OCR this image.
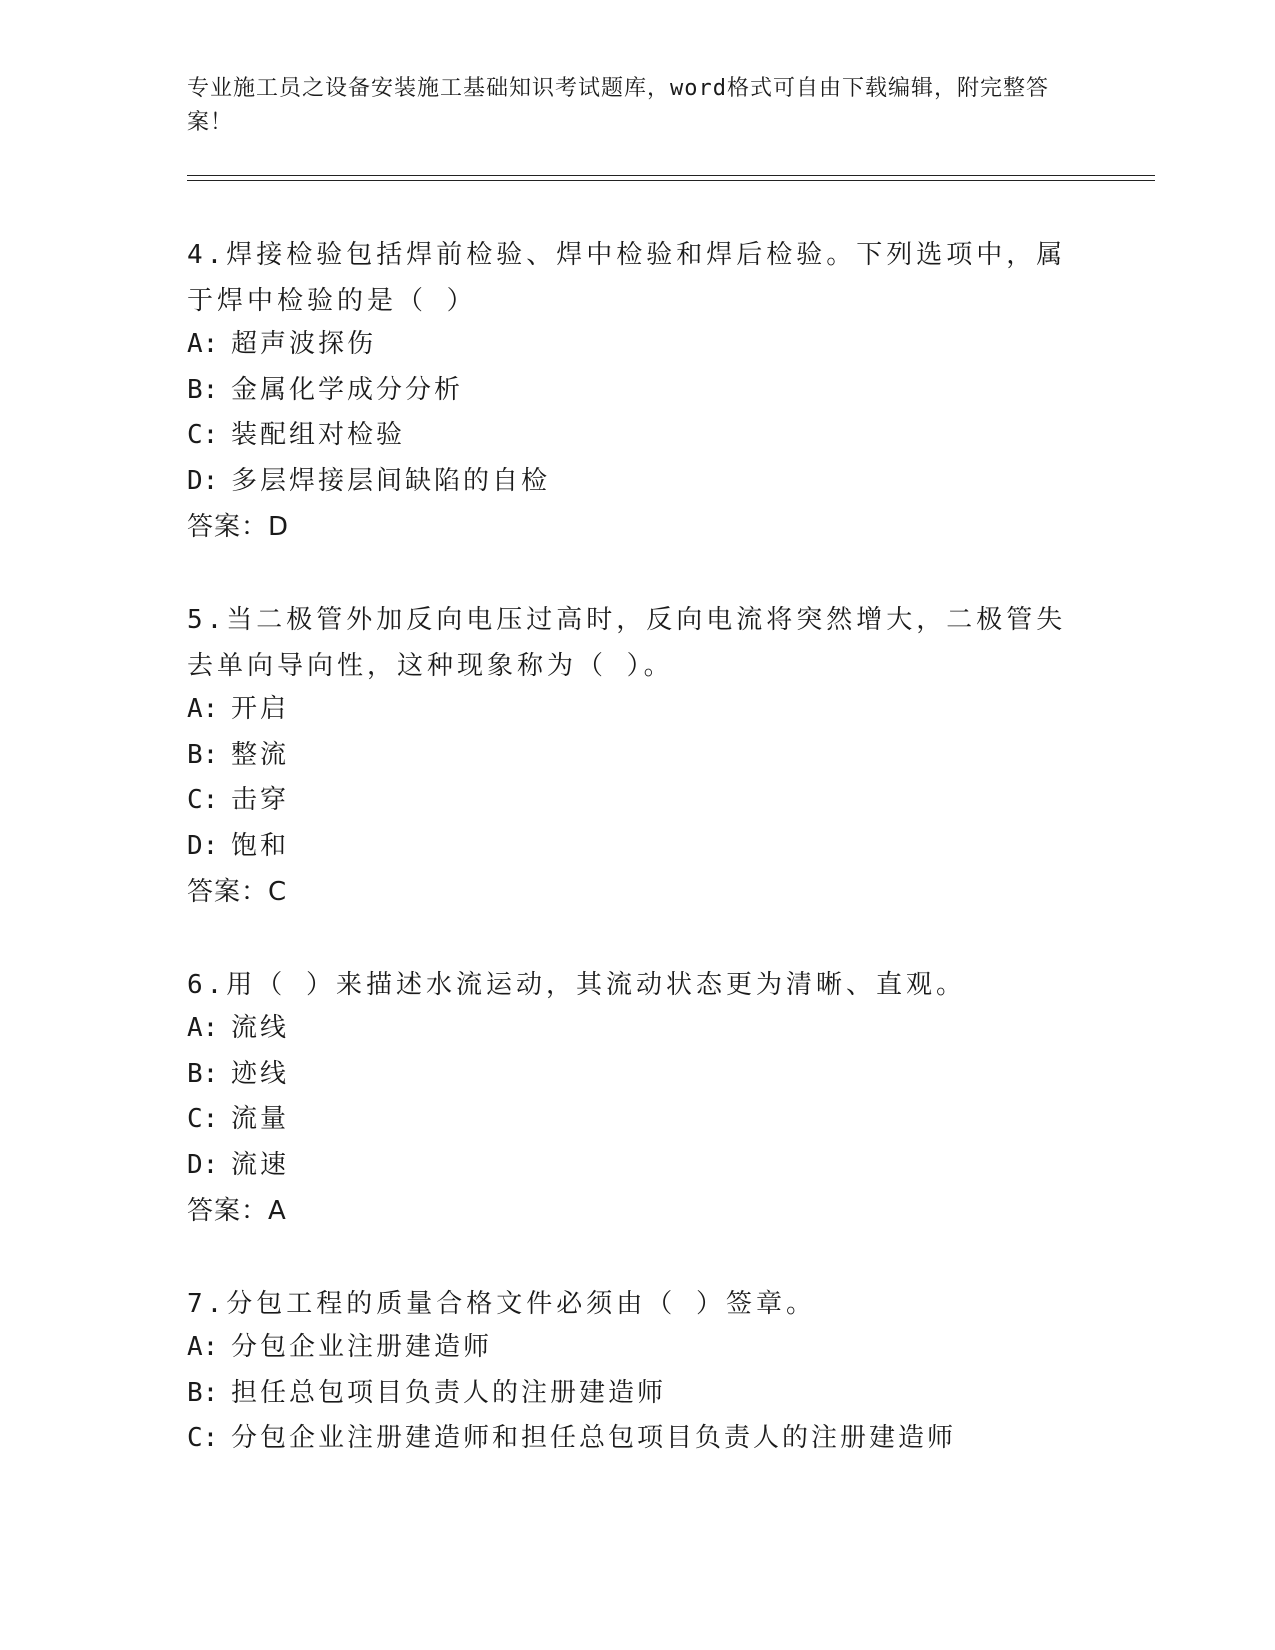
专业施工员之设备安装施工基础知识考试题库，word格式可自由下载编辑，附完整答案！
4.焊接检验包括焊前检验、焊中检验和焊后检验。下列选项中，属于焊中检验的是（ ）
A: 超声波探伤
B: 金属化学成分分析
C: 装配组对检验
D: 多层焊接层间缺陷的自检
答案：D
5.当二极管外加反向电压过高时，反向电流将突然增大，二极管失去单向导向性，这种现象称为（ ）。
A: 开启
B: 整流
C: 击穿
D: 饱和
答案：C
6.用（ ）来描述水流运动，其流动状态更为清晰、直观。
A: 流线
B: 迹线
C: 流量
D: 流速
答案：A
7.分包工程的质量合格文件必须由（ ）签章。
A: 分包企业注册建造师
B: 担任总包项目负责人的注册建造师
C: 分包企业注册建造师和担任总包项目负责人的注册建造师
